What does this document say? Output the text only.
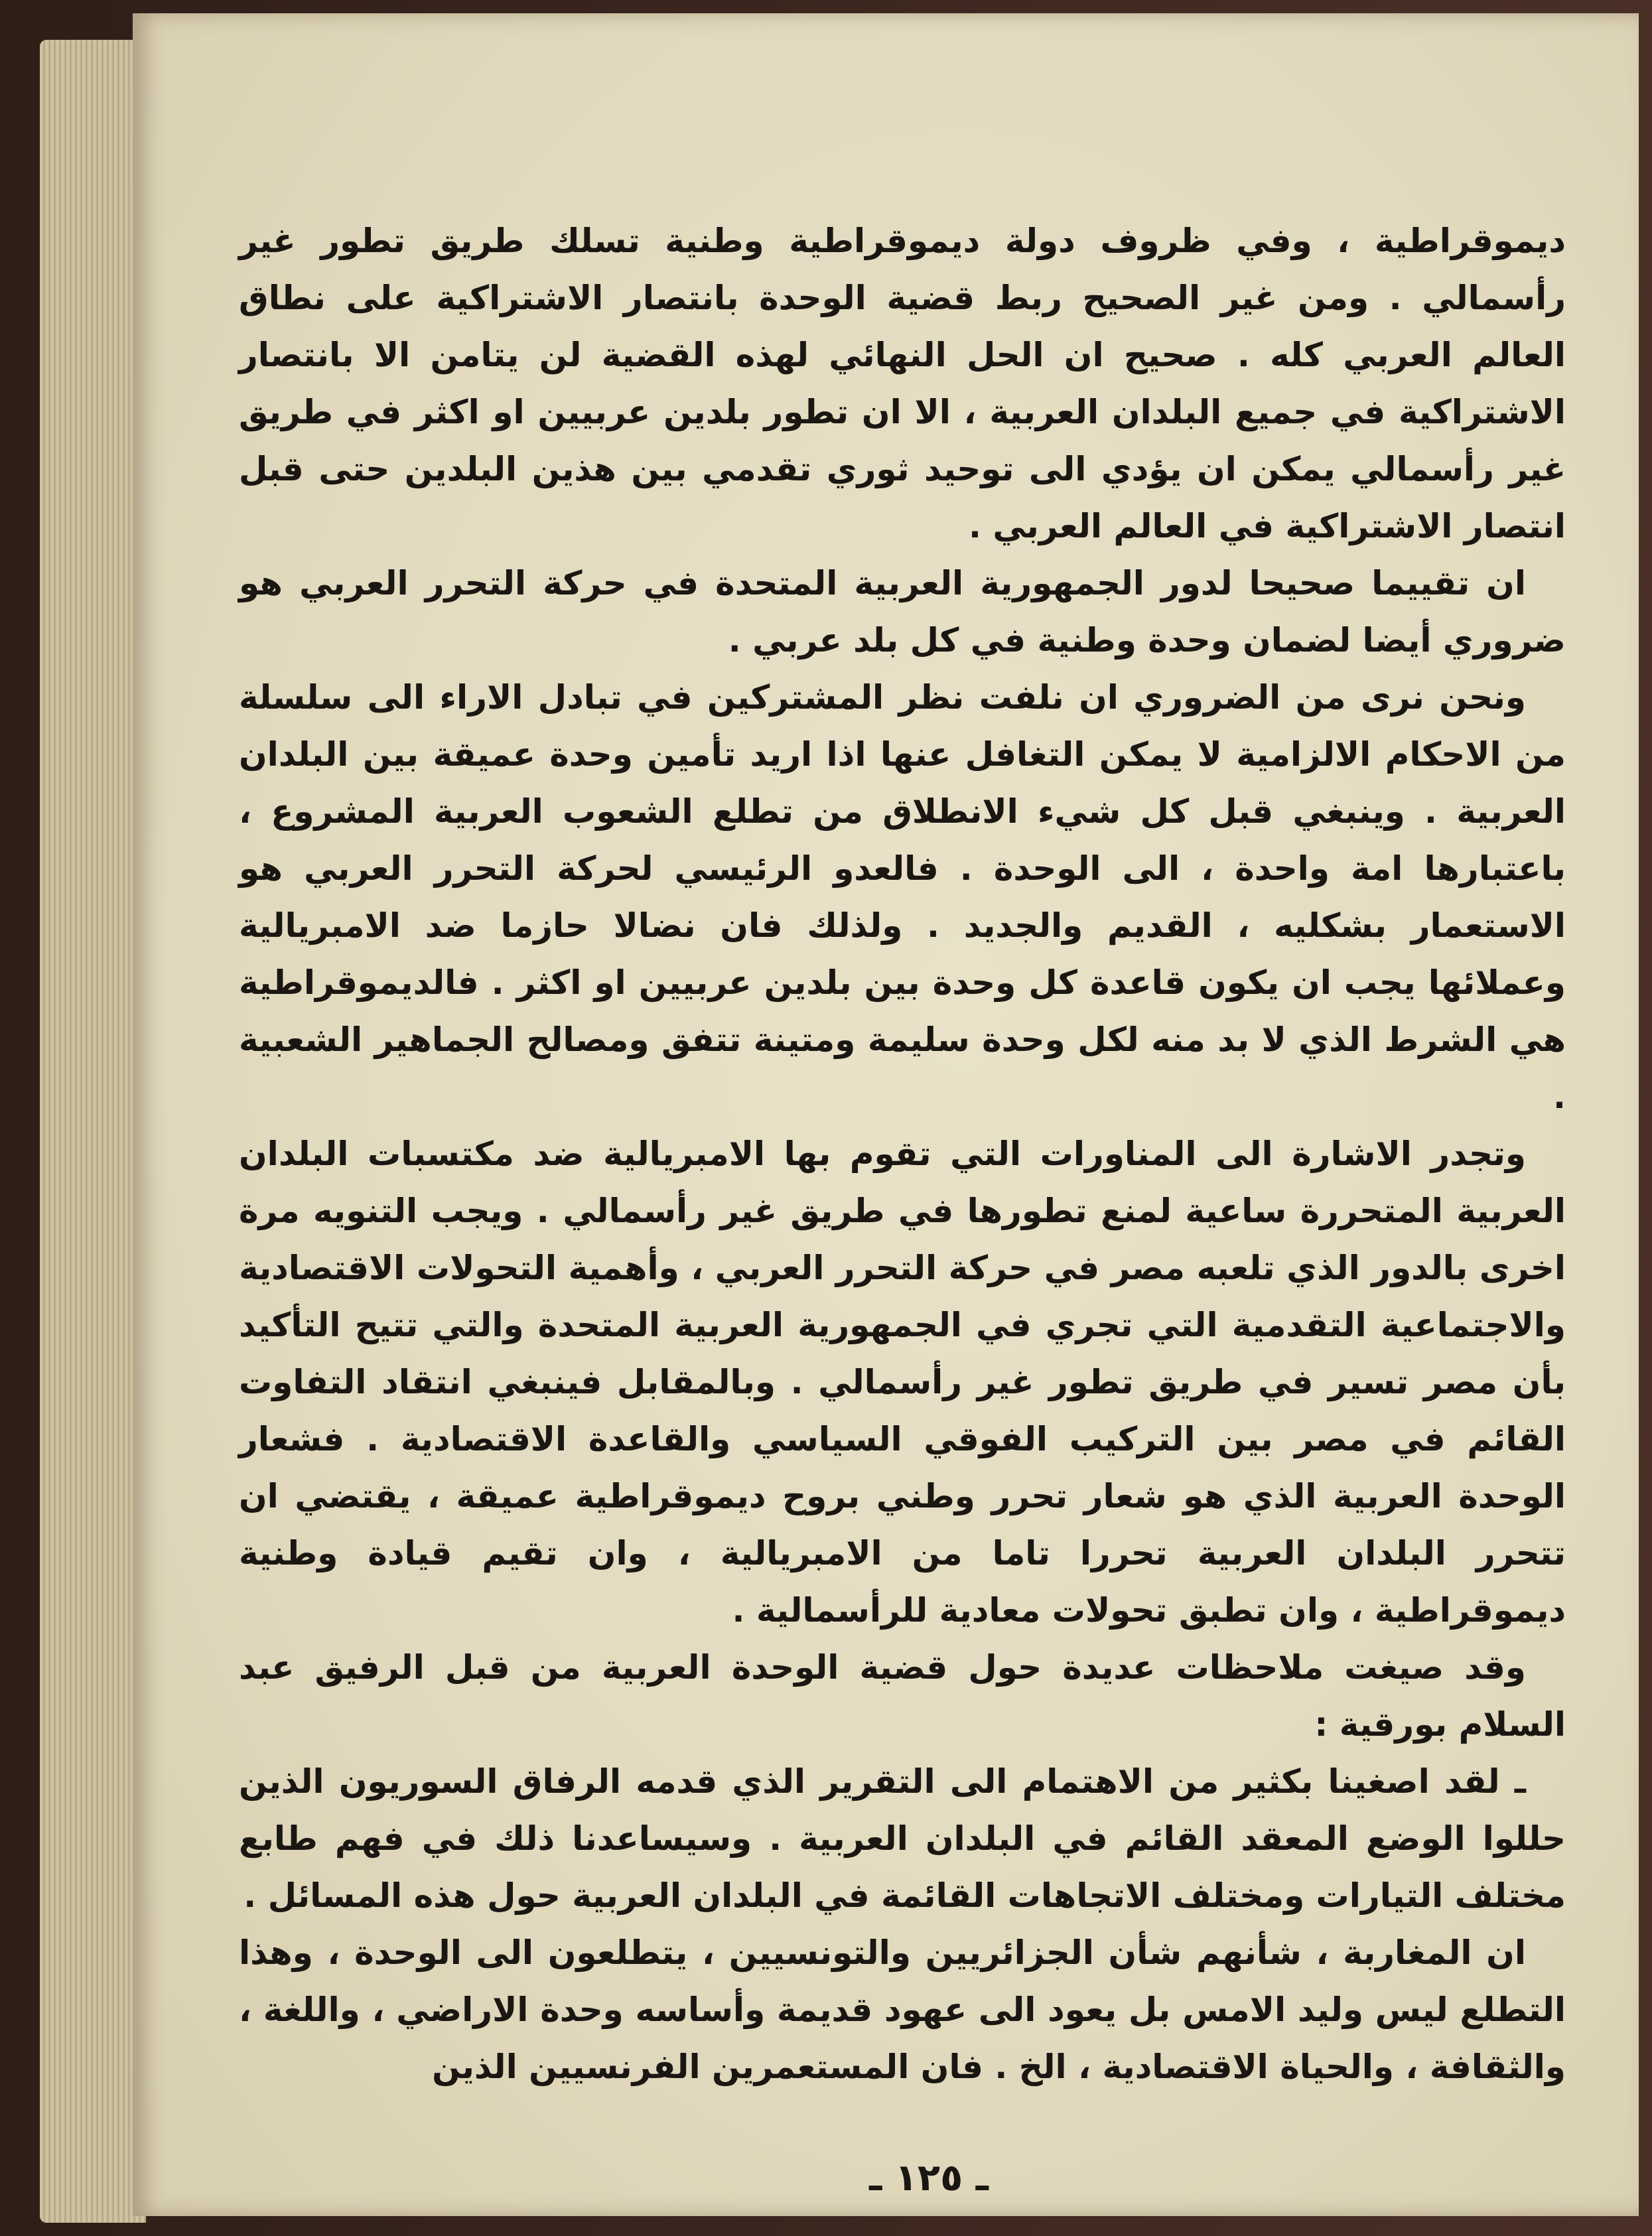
ديموقراطية ، وفي ظروف دولة ديموقراطية وطنية تسلك طريق تطور غير رأسمالي . ومن غير الصحيح ربط قضية الوحدة بانتصار الاشتراكية على نطاق العالم العربي كله . صحيح ان الحل النهائي لهذه القضية لن يتامن الا بانتصار الاشتراكية في جميع البلدان العربية ، الا ان تطور بلدين عربيين او اكثر في طريق غير رأسمالي يمكن ان يؤدي الى توحيد ثوري تقدمي بين هذين البلدين حتى قبل انتصار الاشتراكية في العالم العربي .

ان تقييما صحيحا لدور الجمهورية العربية المتحدة في حركة التحرر العربي هو ضروري أيضا لضمان وحدة وطنية في كل بلد عربي .

ونحن نرى من الضروري ان نلفت نظر المشتركين في تبادل الاراء الى سلسلة من الاحكام الالزامية لا يمكن التغافل عنها اذا اريد تأمين وحدة عميقة بين البلدان العربية . وينبغي قبل كل شيء الانطلاق من تطلع الشعوب العربية المشروع ، باعتبارها امة واحدة ، الى الوحدة . فالعدو الرئيسي لحركة التحرر العربي هو الاستعمار بشكليه ، القديم والجديد . ولذلك فان نضالا حازما ضد الامبريالية وعملائها يجب ان يكون قاعدة كل وحدة بين بلدين عربيين او اكثر . فالديموقراطية هي الشرط الذي لا بد منه لكل وحدة سليمة ومتينة تتفق ومصالح الجماهير الشعبية .

وتجدر الاشارة الى المناورات التي تقوم بها الامبريالية ضد مكتسبات البلدان العربية المتحررة ساعية لمنع تطورها في طريق غير رأسمالي . ويجب التنويه مرة اخرى بالدور الذي تلعبه مصر في حركة التحرر العربي ، وأهمية التحولات الاقتصادية والاجتماعية التقدمية التي تجري في الجمهورية العربية المتحدة والتي تتيح التأكيد بأن مصر تسير في طريق تطور غير رأسمالي . وبالمقابل فينبغي انتقاد التفاوت القائم في مصر بين التركيب الفوقي السياسي والقاعدة الاقتصادية . فشعار الوحدة العربية الذي هو شعار تحرر وطني بروح ديموقراطية عميقة ، يقتضي ان تتحرر البلدان العربية تحررا تاما من الامبريالية ، وان تقيم قيادة وطنية ديموقراطية ، وان تطبق تحولات معادية للرأسمالية .

وقد صيغت ملاحظات عديدة حول قضية الوحدة العربية من قبل الرفيق عبد السلام بورقية :

ـ لقد اصغينا بكثير من الاهتمام الى التقرير الذي قدمه الرفاق السوريون الذين حللوا الوضع المعقد القائم في البلدان العربية . وسيساعدنا ذلك في فهم طابع مختلف التيارات ومختلف الاتجاهات القائمة في البلدان العربية حول هذه المسائل .

ان المغاربة ، شأنهم شأن الجزائريين والتونسيين ، يتطلعون الى الوحدة ، وهذا التطلع ليس وليد الامس بل يعود الى عهود قديمة وأساسه وحدة الاراضي ، واللغة ، والثقافة ، والحياة الاقتصادية ، الخ . فان المستعمرين الفرنسيين الذين

ـ ١٢٥ ـ
